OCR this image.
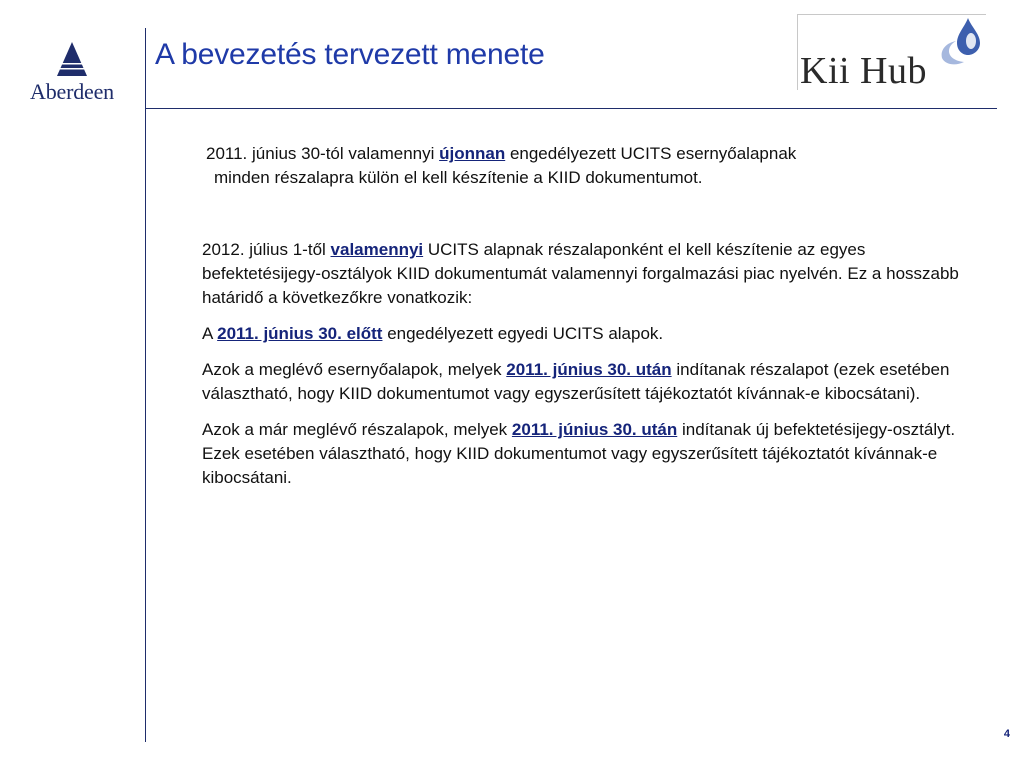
Aberdeen
A bevezetés tervezett menete	Kii Hub

2011. június 30-tól valamennyi újonnan engedélyezett UCITS esernyőalapnak

minden részalapra külön el kell készítenie a KIID dokumentumot.

2012. július 1-től valamennyi UCITS alapnak részalaponként el kell készítenie az egyes befektetésijegy-osztályok KIID dokumentumát valamennyi forgalmazási piac nyelvén. Ez a hosszabb határidő a következőkre vonatkozik:

A 2011. június 30. előtt engedélyezett egyedi UCITS alapok.

Azok a meglévő esernyőalapok, melyek 2011. június 30. után indítanak részalapot (ezek esetében választható, hogy KIID dokumentumot vagy egyszerűsített tájékoztatót kívánnak-e kibocsátani).

Azok a már meglévő részalapok, melyek 2011. június 30. után indítanak új befektetésijegy-osztályt. Ezek esetében választható, hogy KIID dokumentumot vagy egyszerűsített tájékoztatót kívánnak-e kibocsátani.

4
